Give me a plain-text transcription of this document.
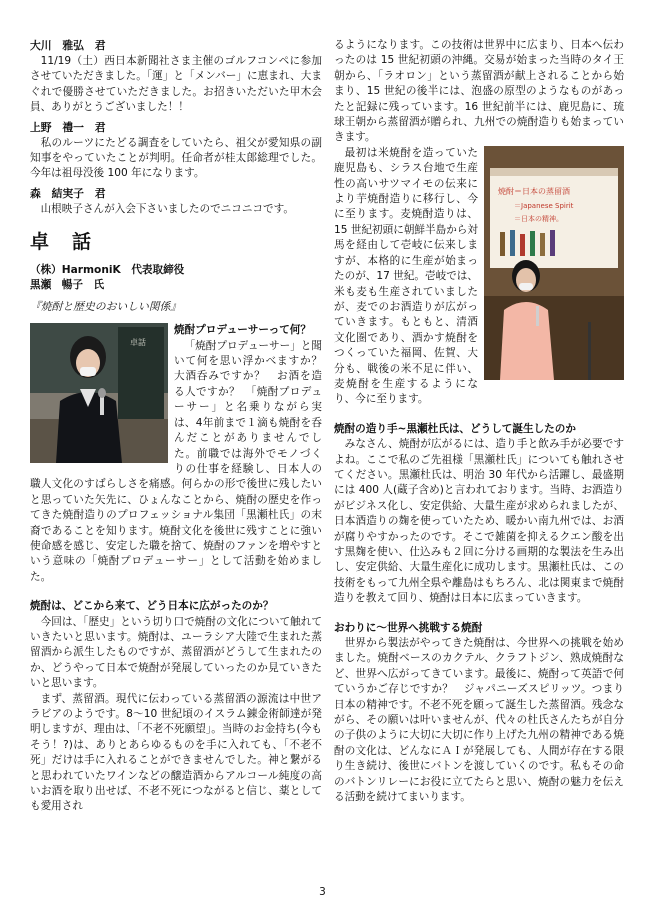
大川　雅弘　君

11/19（土）西日本新聞社さま主催のゴルフコンペに参加させていただきました。「運」と「メンバー」に恵まれ、大まぐれで優勝させていただきました。お招きいただいた甲木会員、ありがとうございました！！

上野　禮一　君

私のルーツにたどる調査をしていたら、祖父が愛知県の副知事をやっていたことが判明。任命者が桂太郎総理でした。今年は祖母没後 100 年になります。

森　結実子　君

山根映子さんが入会下さいましたのでニコニコです。

卓　話
（株）HarmoniK　代表取締役
黒瀬　暢子　氏
『焼酎と歴史のおいしい関係』
卓話

焼酎プロデューサーって何？

「焼酎プロデューサー」と聞いて何を思い浮かべますか？　大酒呑みですか？　お酒を造る人ですか？　「焼酎プロデューサー」と名乗りながら実は、4年前まで１滴も焼酎を呑んだことがありませんでした。前職では海外でモノづくりの仕事を経験し、日本人の職人文化のすばらしさを痛感。何らかの形で後世に残したいと思っていた矢先に、ひょんなことから、焼酎の歴史を作ってきた焼酎造りのプロフェッショナル集団「黒瀬杜氏」の末裔であることを知ります。焼酎文化を後世に残すことに強い使命感を感じ、安定した職を捨て、焼酎のファンを増やすという意味の「焼酎プロデューサー」として活動を始めました。

焼酎は、どこから来て、どう日本に広がったのか？

今回は、「歴史」という切り口で焼酎の文化について触れていきたいと思います。焼酎は、ユーラシア大陸で生まれた蒸留酒から派生したものですが、蒸留酒がどうして生まれたのか、どうやって日本で焼酎が発展していったのか見ていきたいと思います。

まず、蒸留酒。現代に伝わっている蒸留酒の源流は中世アラビアのようです。8〜10 世紀頃のイスラム錬金術師達が発明しますが、理由は、「不老不死願望」。当時のお金持ち(今もそう！?)は、ありとあらゆるものを手に入れても、「不老不死」だけは手に入れることができませんでした。神と繋がると思われていたワインなどの醸造酒からアルコール純度の高いお酒を取り出せば、不老不死につながると信じ、薬としても愛用され

るようになります。この技術は世界中に広まり、日本へ伝わったのは 15 世紀初頭の沖縄。交易が始まった当時のタイ王朝から、「ラオロン」という蒸留酒が献上されることから始まり、15 世紀の後半には、泡盛の原型のようなものがあったと記録に残っています。16 世紀前半には、鹿児島に、琉球王朝から蒸留酒が贈られ、九州での焼酎造りも始まっていきます。

焼酎＝日本の蒸留酒
＝Japanese Spirit
＝日本の精神。

最初は米焼酎を造っていた鹿児島も、シラス台地で生産性の高いサツマイモの伝来により芋焼酎造りに移行し、今に至ります。麦焼酎造りは、15 世紀初頭に朝鮮半島から対馬を経由して壱岐に伝来しますが、本格的に生産が始まったのが、17 世紀。壱岐では、米も麦も生産されていましたが、麦でのお酒造りが広がっていきます。もともと、清酒文化圏であり、酒かす焼酎をつくっていた福岡、佐賀、大分も、戦後の米不足に伴い、麦焼酎を生産するようになり、今に至ります。

焼酎の造り手~黒瀬杜氏は、どうして誕生したのか

みなさん、焼酎が広がるには、造り手と飲み手が必要ですよね。ここで私のご先祖様「黒瀬杜氏」についても触れさせてください。黒瀬杜氏は、明治 30 年代から活躍し、最盛期には 400 人(蔵子含め)と言われております。当時、お酒造りがビジネス化し、安定供給、大量生産が求められましたが、日本酒造りの麹を使っていたため、暖かい南九州では、お酒が腐りやすかったのです。そこで雑菌を抑えるクエン酸を出す黒麹を使い、仕込みも２回に分ける画期的な製法を生み出し、安定供給、大量生産化に成功します。黒瀬杜氏は、この技術をもって九州全県や離島はもちろん、北は関東まで焼酎造りを教えて回り、焼酎は日本に広まっていきます。

おわりに〜世界へ挑戦する焼酎

世界から製法がやってきた焼酎は、今世界への挑戦を始めました。焼酎ベースのカクテル、クラフトジン、熟成焼酎など、世界へ広がってきています。最後に、焼酎って英語で何ていうかご存じですか？　ジャパニーズスピリッツ。つまり日本の精神です。不老不死を願って誕生した蒸留酒。残念ながら、その願いは叶いませんが、代々の杜氏さんたちが自分の子供のように大切に大切に作り上げた九州の精神である焼酎の文化は、どんなにＡＩが発展しても、人間が存在する限り生き続け、後世にバトンを渡していくのです。私もその命のバトンリレーにお役に立てたらと思い、焼酎の魅力を伝える活動を続けてまいります。

3
